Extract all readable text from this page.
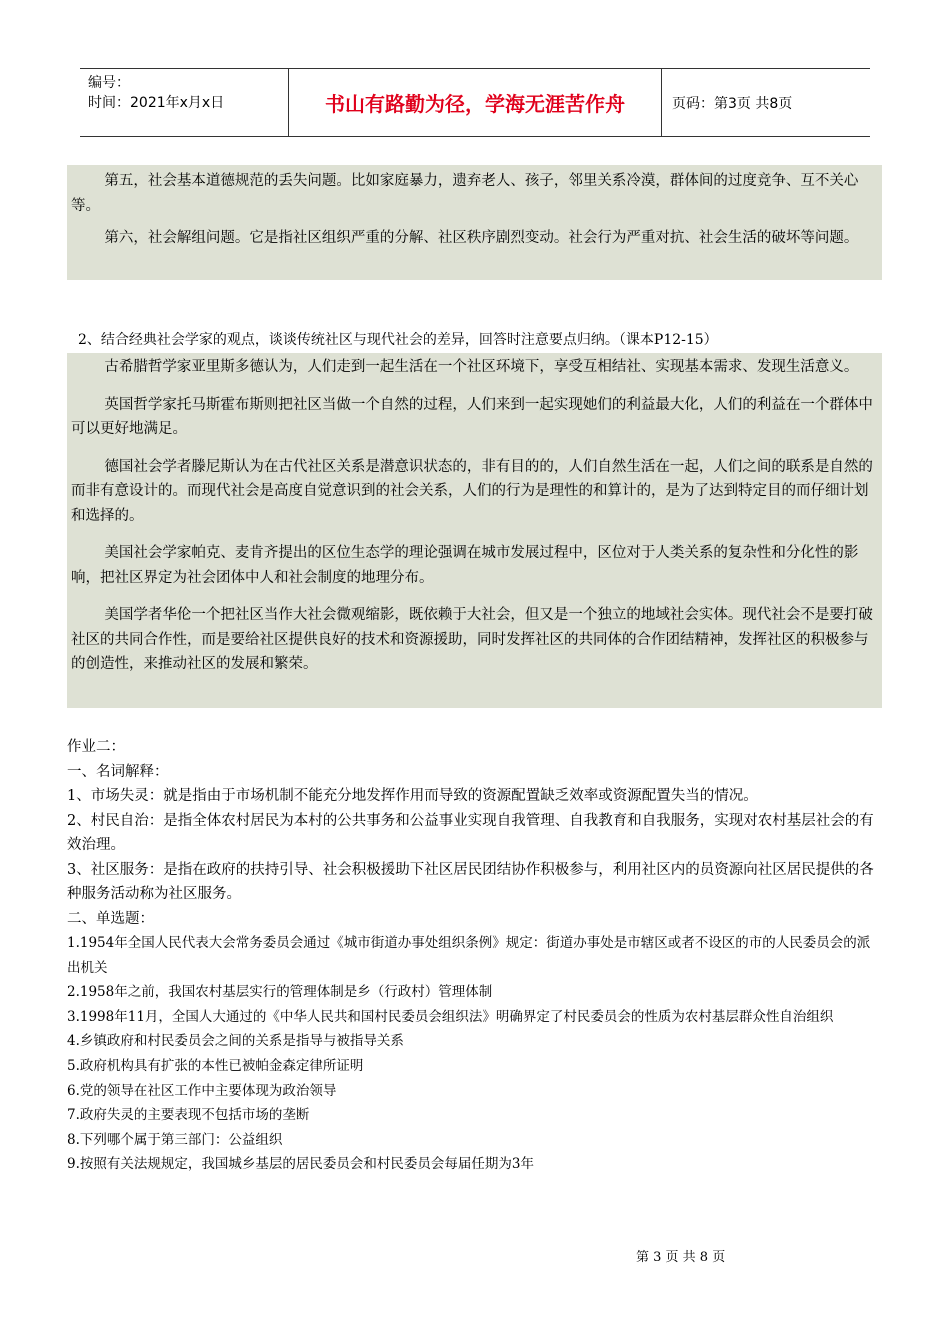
编号：
时间：2021年x月x日	书山有路勤为径，学海无涯苦作舟	页码：第3页 共8页

第五，社会基本道德规范的丢失问题。比如家庭暴力，遗弃老人、孩子，邻里关系冷漠，群体间的过度竞争、互不关心等。

第六，社会解组问题。它是指社区组织严重的分解、社区秩序剧烈变动。社会行为严重对抗、社会生活的破坏等问题。

2、结合经典社会学家的观点，谈谈传统社区与现代社会的差异，回答时注意要点归纳。（课本P12-15）

古希腊哲学家亚里斯多德认为，人们走到一起生活在一个社区环境下，享受互相结社、实现基本需求、发现生活意义。

英国哲学家托马斯霍布斯则把社区当做一个自然的过程，人们来到一起实现她们的利益最大化，人们的利益在一个群体中可以更好地满足。

德国社会学者滕尼斯认为在古代社区关系是潜意识状态的，非有目的的，人们自然生活在一起，人们之间的联系是自然的而非有意设计的。而现代社会是高度自觉意识到的社会关系，人们的行为是理性的和算计的，是为了达到特定目的而仔细计划和选择的。

美国社会学家帕克、麦肯齐提出的区位生态学的理论强调在城市发展过程中，区位对于人类关系的复杂性和分化性的影响，把社区界定为社会团体中人和社会制度的地理分布。

美国学者华伦一个把社区当作大社会微观缩影，既依赖于大社会，但又是一个独立的地域社会实体。现代社会不是要打破社区的共同合作性，而是要给社区提供良好的技术和资源援助，同时发挥社区的共同体的合作团结精神，发挥社区的积极参与的创造性，来推动社区的发展和繁荣。

作业二：

一、名词解释：

1、市场失灵：就是指由于市场机制不能充分地发挥作用而导致的资源配置缺乏效率或资源配置失当的情况。

2、村民自治：是指全体农村居民为本村的公共事务和公益事业实现自我管理、自我教育和自我服务，实现对农村基层社会的有效治理。

3、社区服务：是指在政府的扶持引导、社会积极援助下社区居民团结协作积极参与，利用社区内的员资源向社区居民提供的各种服务活动称为社区服务。

二、单选题：

1.1954年全国人民代表大会常务委员会通过《城市街道办事处组织条例》规定：街道办事处是市辖区或者不设区的市的人民委员会的派出机关

2.1958年之前，我国农村基层实行的管理体制是乡（行政村）管理体制

3.1998年11月，全国人大通过的《中华人民共和国村民委员会组织法》明确界定了村民委员会的性质为农村基层群众性自治组织

4.乡镇政府和村民委员会之间的关系是指导与被指导关系

5.政府机构具有扩张的本性已被帕金森定律所证明

6.党的领导在社区工作中主要体现为政治领导

7.政府失灵的主要表现不包括市场的垄断

8.下列哪个属于第三部门：公益组织

9.按照有关法规规定，我国城乡基层的居民委员会和村民委员会每届任期为3年

第 3 页 共 8 页
